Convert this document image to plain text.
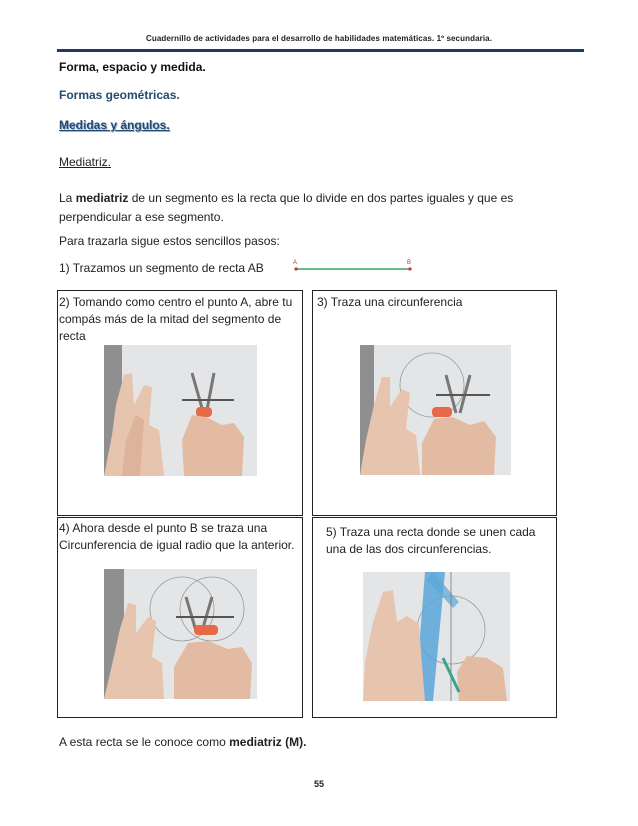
Cuadernillo de actividades para el desarrollo de habilidades matemáticas. 1º secundaria.
Forma, espacio y medida.
Formas geométricas.
Medidas y ángulos.
Mediatriz.
La mediatriz de un segmento es la recta que lo divide en dos partes iguales y que es perpendicular a ese segmento.
Para trazarla sigue estos sencillos pasos:
1) Trazamos un segmento de recta AB	A	B
2) Tomando como centro el punto A, abre tu compás más de la mitad del segmento de recta
3) Traza una circunferencia
4) Ahora desde el punto B se traza una Circunferencia de igual radio que la anterior.
5) Traza una recta donde se unen cada una de las dos circunferencias.
A esta recta se le conoce como mediatriz (M).
55
